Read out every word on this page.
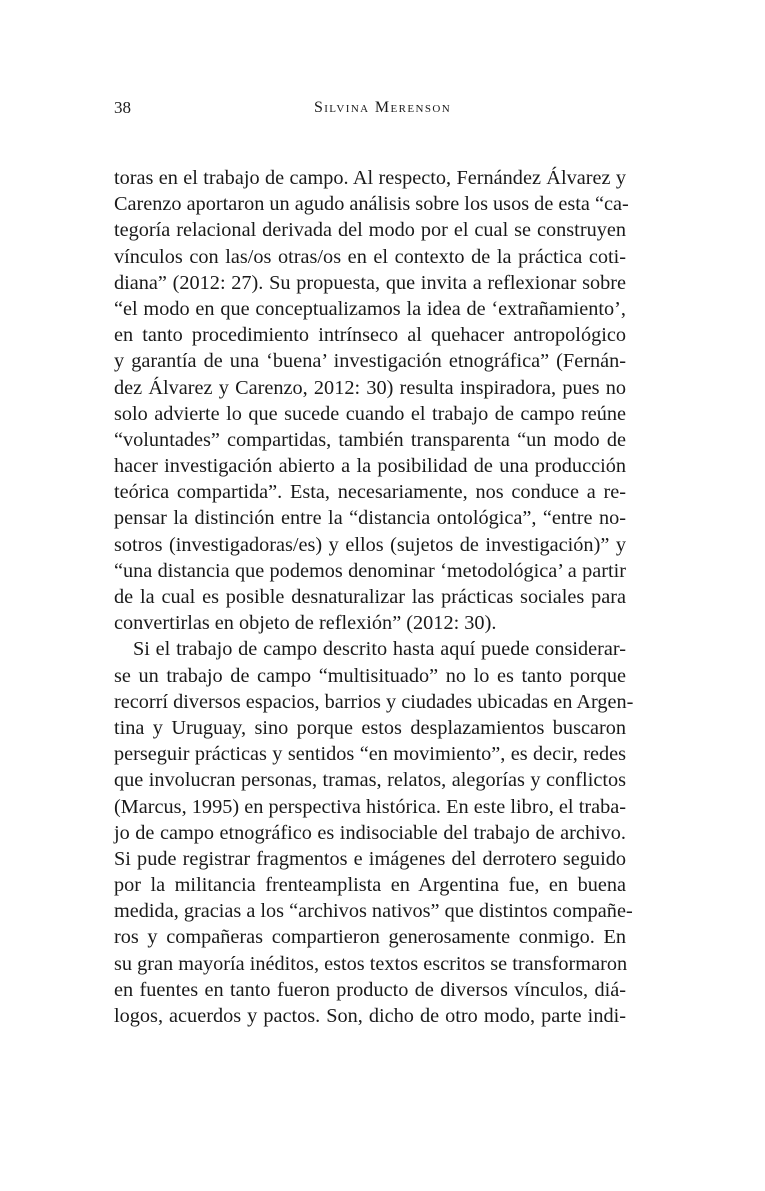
38	Silvina Merenson
toras en el trabajo de campo. Al respecto, Fernández Álvarez y
Carenzo aportaron un agudo análisis sobre los usos de esta “ca-
tegoría relacional derivada del modo por el cual se construyen
vínculos con las/os otras/os en el contexto de la práctica coti-
diana” (2012: 27). Su propuesta, que invita a reflexionar sobre
“el modo en que conceptualizamos la idea de ‘extrañamiento’,
en tanto procedimiento intrínseco al quehacer antropológico
y garantía de una ‘buena’ investigación etnográfica” (Fernán-
dez Álvarez y Carenzo, 2012: 30) resulta inspiradora, pues no
solo advierte lo que sucede cuando el trabajo de campo reúne
“voluntades” compartidas, también transparenta “un modo de
hacer investigación abierto a la posibilidad de una producción
teórica compartida”. Esta, necesariamente, nos conduce a re-
pensar la distinción entre la “distancia ontológica”, “entre no-
sotros (investigadoras/es) y ellos (sujetos de investigación)” y
“una distancia que podemos denominar ‘metodológica’ a partir
de la cual es posible desnaturalizar las prácticas sociales para
convertirlas en objeto de reflexión” (2012: 30).
Si el trabajo de campo descrito hasta aquí puede considerar-
se un trabajo de campo “multisituado” no lo es tanto porque
recorrí diversos espacios, barrios y ciudades ubicadas en Argen-
tina y Uruguay, sino porque estos desplazamientos buscaron
perseguir prácticas y sentidos “en movimiento”, es decir, redes
que involucran personas, tramas, relatos, alegorías y conflictos
(Marcus, 1995) en perspectiva histórica. En este libro, el traba-
jo de campo etnográfico es indisociable del trabajo de archivo.
Si pude registrar fragmentos e imágenes del derrotero seguido
por la militancia frenteamplista en Argentina fue, en buena
medida, gracias a los “archivos nativos” que distintos compañe-
ros y compañeras compartieron generosamente conmigo. En
su gran mayoría inéditos, estos textos escritos se transformaron
en fuentes en tanto fueron producto de diversos vínculos, diá-
logos, acuerdos y pactos. Son, dicho de otro modo, parte indi-
